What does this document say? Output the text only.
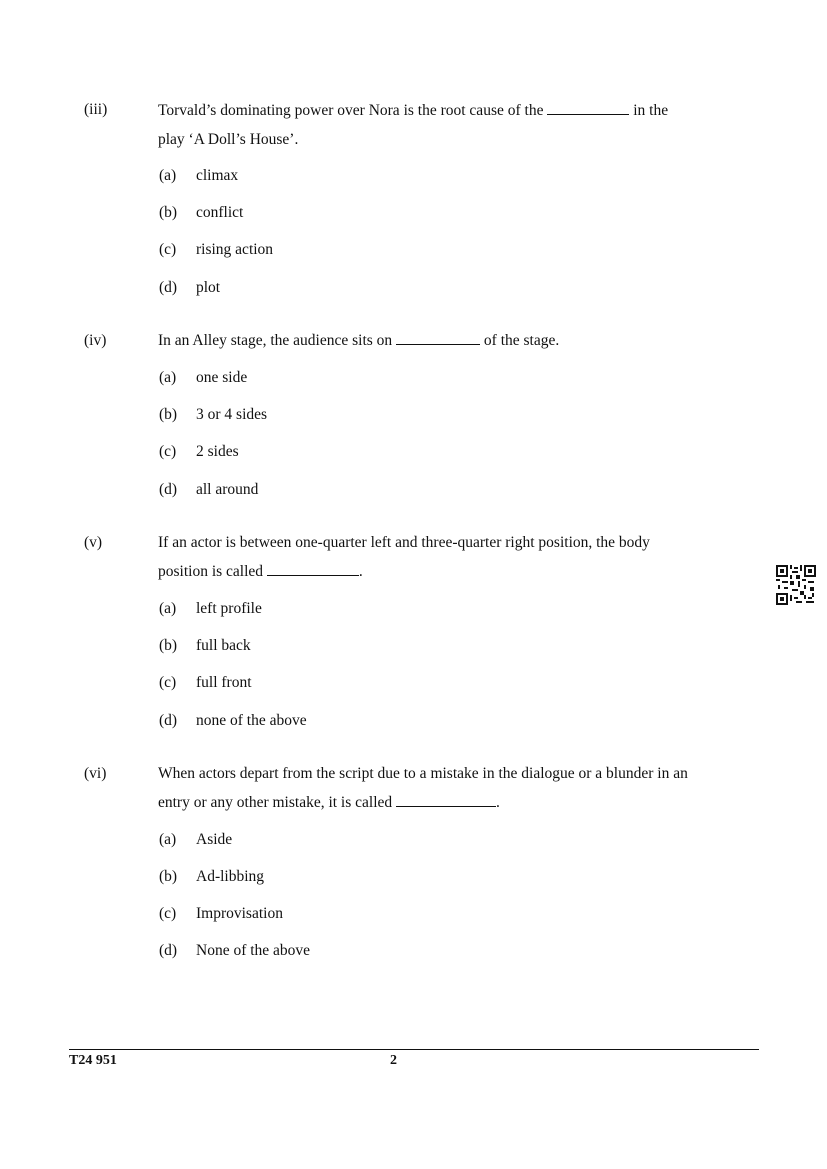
(iii)	Torvald’s dominating power over Nora is the root cause of the	in the play ‘A Doll’s House’.
(a) climax
(b) conflict
(c) rising action
(d) plot
(iv)	In an Alley stage, the audience sits on	of the stage.
(a) one side
(b) 3 or 4 sides
(c) 2 sides
(d) all around
(v)	If an actor is between one-quarter left and three-quarter right position, the body position is called	.
(a) left profile
(b) full back
(c) full front
(d) none of the above
(vi)	When actors depart from the script due to a mistake in the dialogue or a blunder in an entry or any other mistake, it is called	.
(a) Aside
(b) Ad-libbing
(c) Improvisation
(d) None of the above
T24 951	2
